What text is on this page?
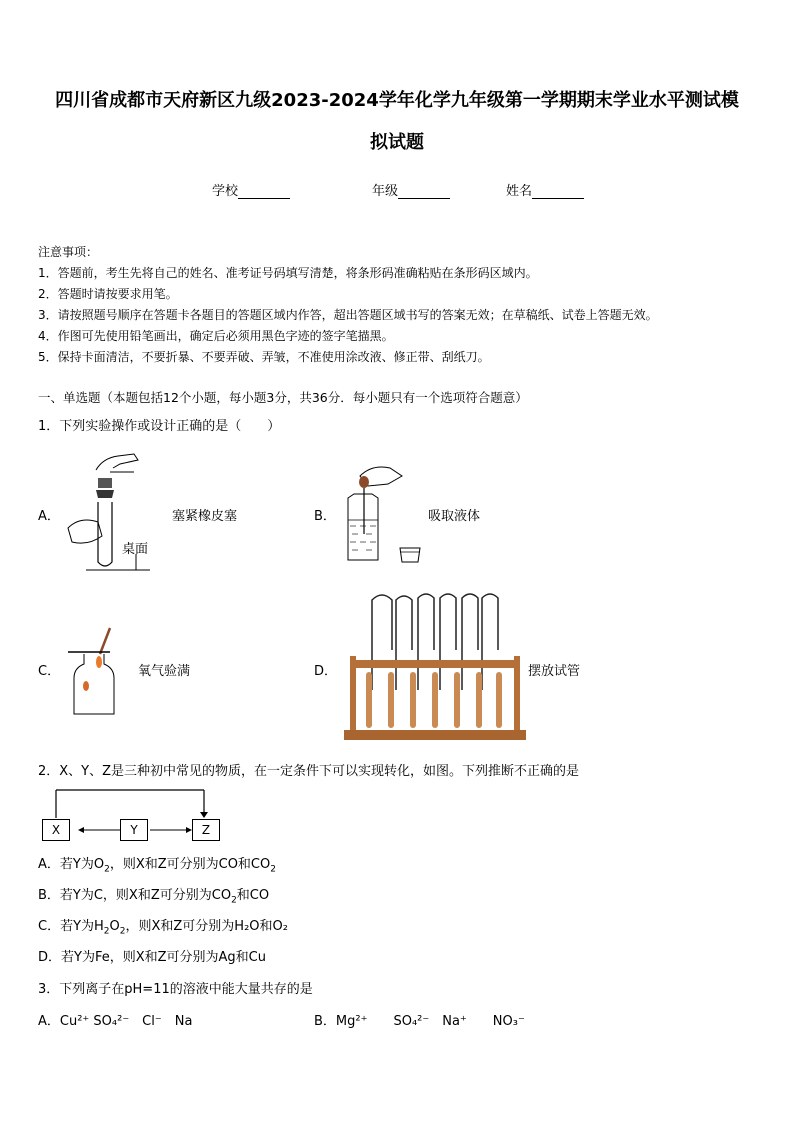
四川省成都市天府新区九级2023-2024学年化学九年级第一学期期末学业水平测试模
拟试题
学校	年级	姓名
注意事项：
1．答题前，考生先将自己的姓名、准考证号码填写清楚，将条形码准确粘贴在条形码区域内。
2．答题时请按要求用笔。
3．请按照题号顺序在答题卡各题目的答题区域内作答，超出答题区域书写的答案无效；在草稿纸、试卷上答题无效。
4．作图可先使用铅笔画出，确定后必须用黑色字迹的签字笔描黑。
5．保持卡面清洁，不要折暴、不要弄破、弄皱，不准使用涂改液、修正带、刮纸刀。
一、单选题（本题包括12个小题，每小题3分，共36分．每小题只有一个选项符合题意）
1．下列实验操作或设计正确的是（　　）
A．
桌面
塞紧橡皮塞	B．	吸取液体
C．	氧气验满	D．	摆放试管
2．X、Y、Z是三种初中常见的物质，在一定条件下可以实现转化，如图。下列推断不正确的是
X	Y	Z
A．若Y为$O_2$，则X和Z可分别为CO和$CO_2$
B．若Y为C，则X和Z可分别为$CO_2$和CO
C．若Y为$H_2O_2$，则X和Z可分别为H₂O和O₂
D．若Y为Fe，则X和Z可分别为Ag和Cu
3．下列离子在pH=11的溶液中能大量共存的是
A．Cu²⁺ SO₄²⁻　Cl⁻　Na	B．Mg²⁺　　SO₄²⁻　Na⁺　　NO₃⁻
